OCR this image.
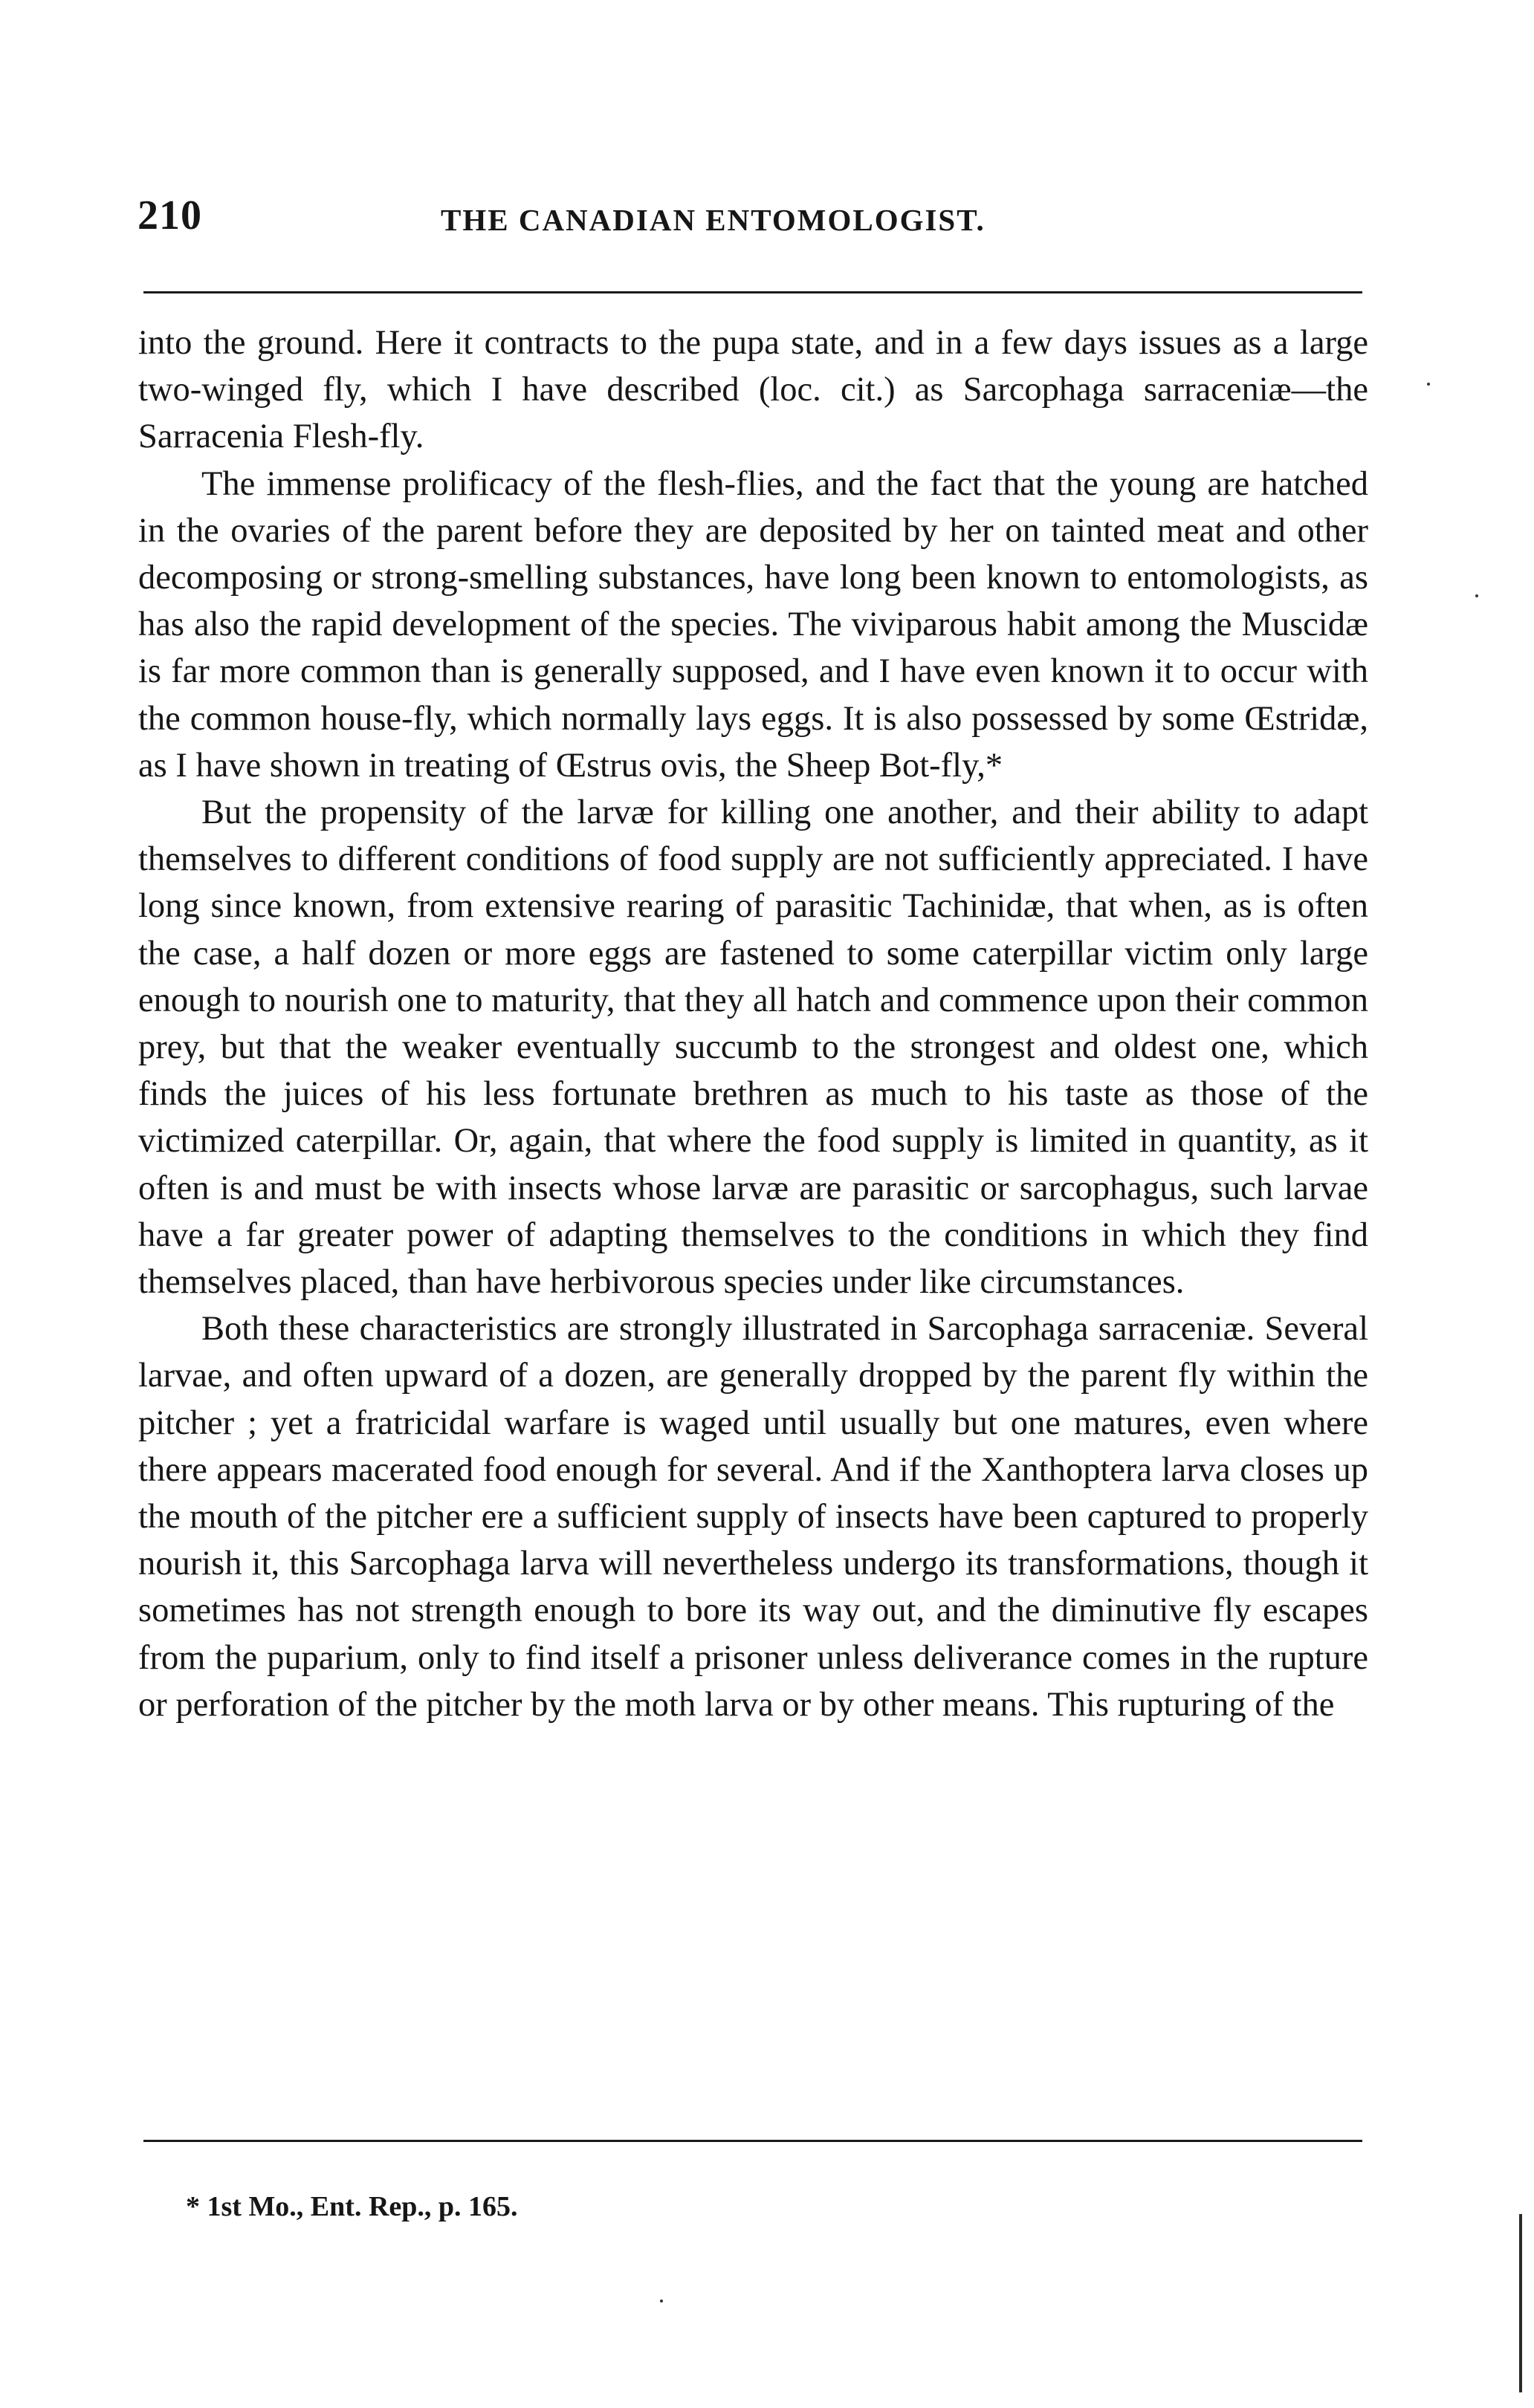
210	THE CANADIAN ENTOMOLOGIST.

into the ground. Here it contracts to the pupa state, and in a few days issues as a large two-winged fly, which I have described (loc. cit.) as Sarcophaga sarraceniæ—the Sarracenia Flesh-fly.

The immense prolificacy of the flesh-flies, and the fact that the young are hatched in the ovaries of the parent before they are deposited by her on tainted meat and other decomposing or strong-smelling substances, have long been known to entomologists, as has also the rapid development of the species. The viviparous habit among the Muscidæ is far more common than is generally supposed, and I have even known it to occur with the common house-fly, which normally lays eggs. It is also possessed by some Œstridæ, as I have shown in treating of Œstrus ovis, the Sheep Bot-fly,*

But the propensity of the larvæ for killing one another, and their ability to adapt themselves to different conditions of food supply are not sufficiently appreciated. I have long since known, from extensive rearing of parasitic Tachinidæ, that when, as is often the case, a half dozen or more eggs are fastened to some caterpillar victim only large enough to nourish one to maturity, that they all hatch and commence upon their common prey, but that the weaker eventually succumb to the strongest and oldest one, which finds the juices of his less fortunate brethren as much to his taste as those of the victimized caterpillar. Or, again, that where the food supply is limited in quantity, as it often is and must be with insects whose larvæ are parasitic or sarcophagus, such larvae have a far greater power of adapting themselves to the conditions in which they find themselves placed, than have herbivorous species under like circumstances.

Both these characteristics are strongly illustrated in Sarcophaga sarraceniæ. Several larvae, and often upward of a dozen, are generally dropped by the parent fly within the pitcher ; yet a fratricidal warfare is waged until usually but one matures, even where there appears macerated food enough for several. And if the Xanthoptera larva closes up the mouth of the pitcher ere a sufficient supply of insects have been captured to properly nourish it, this Sarcophaga larva will nevertheless undergo its transformations, though it sometimes has not strength enough to bore its way out, and the diminutive fly escapes from the puparium, only to find itself a prisoner unless deliverance comes in the rupture or perforation of the pitcher by the moth larva or by other means. This rupturing of the

* 1st Mo., Ent. Rep., p. 165.
